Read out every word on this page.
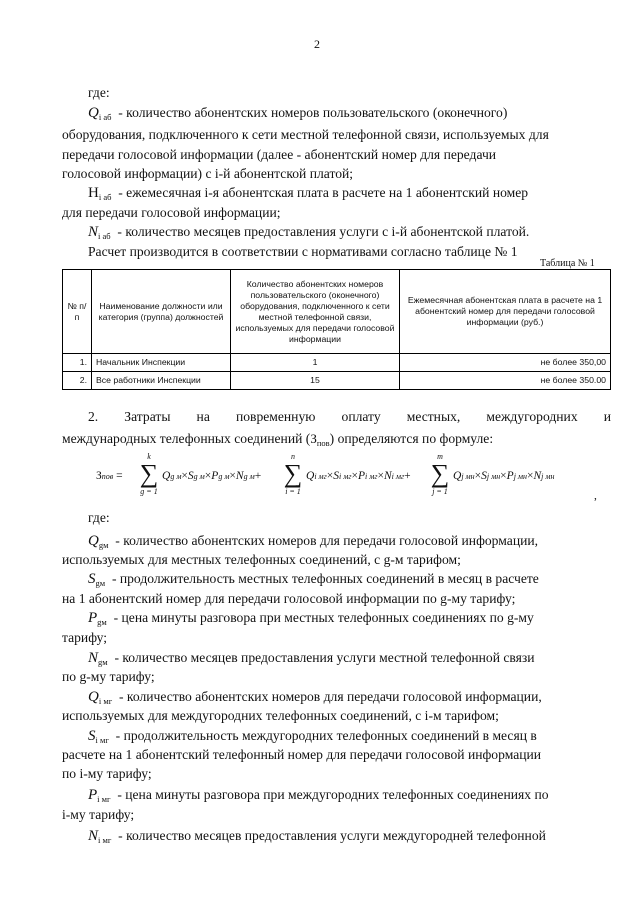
2
где:
$Q_{i аб}$ - количество абонентских номеров пользовательского (оконечного)
оборудования, подключенного к сети местной телефонной связи, используемых для
передачи голосовой информации (далее - абонентский номер для передачи
голосовой информации) с i-й абонентской платой;
$Н_{i аб}$ - ежемесячная i-я абонентская плата в расчете на 1 абонентский номер
для передачи голосовой информации;
$N_{i аб}$ - количество месяцев предоставления услуги с i-й абонентской платой.
Расчет производится в соответствии с нормативами согласно таблице № 1
Таблица № 1
№ п/п	Наименование должности или категория (группа) должностей	Количество абонентских номеров пользовательского (оконечного) оборудования, подключенного к сети местной телефонной связи, используемых для передачи голосовой информации	Ежемесячная абонентская плата в расчете на 1 абонентский номер для передачи голосовой информации (руб.)
1.	Начальник Инспекции	1	не более 350,00
2.	Все работники Инспекции	15	не более 350.00
2. Затраты на повременную оплату местных, междугородних и
международных телефонных соединений $(З_{пов})$ определяются по формуле:
Зпов =
k
∑
g = 1
Qg м×Sg м×Pg м×Ng м+
n
∑
i = 1
Qi мг×Si мг×Pi мг×Ni мг+
m
∑
j = 1
Qj мн×Sj мн×Pj мн×Nj мн
,
где:
$Q_{gм}$ - количество абонентских номеров для передачи голосовой информации,
используемых для местных телефонных соединений, с g-м тарифом;
$S_{gм}$ - продолжительность местных телефонных соединений в месяц в расчете
на 1 абонентский номер для передачи голосовой информации по g-му тарифу;
$P_{gм}$ - цена минуты разговора при местных телефонных соединениях по g-му
тарифу;
$N_{gм}$ - количество месяцев предоставления услуги местной телефонной связи
по g-му тарифу;
$Q_{i мг}$ - количество абонентских номеров для передачи голосовой информации,
используемых для междугородних телефонных соединений, с i-м тарифом;
$S_{i мг}$ - продолжительность междугородних телефонных соединений в месяц в
расчете на 1 абонентский телефонный номер для передачи голосовой информации
по i-му тарифу;
$P_{i мг}$ - цена минуты разговора при междугородних телефонных соединениях по
i-му тарифу;
$N_{i мг}$ - количество месяцев предоставления услуги междугородней телефонной
